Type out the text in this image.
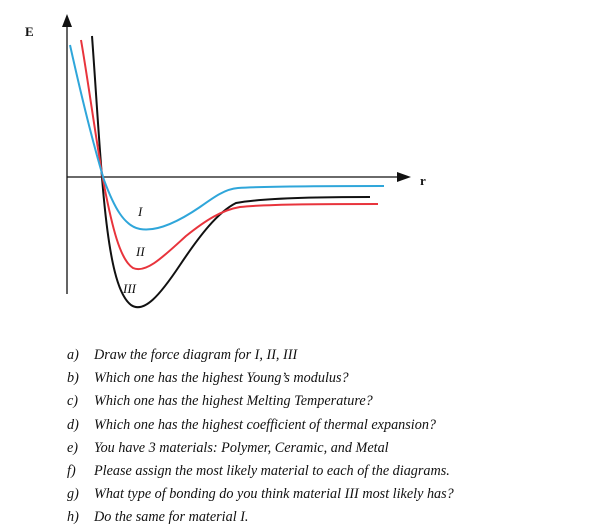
E
r
I
II
III
a)	Draw the force diagram for I, II, III
b)	Which one has the highest Young’s modulus?
c)	Which one has the highest Melting Temperature?
d)	Which one has the highest coefficient of thermal expansion?
e)	You have 3 materials: Polymer, Ceramic, and Metal
f)	Please assign the most likely material to each of the diagrams.
g)	What type of bonding do you think material III most likely has?
h)	Do the same for material I.
